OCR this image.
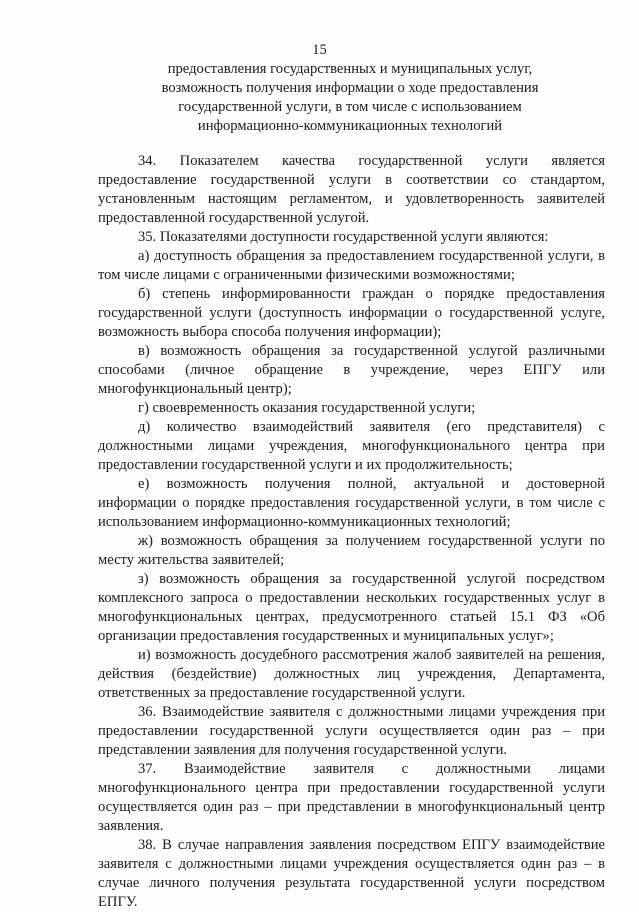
15
предоставления государственных и муниципальных услуг,
возможность получения информации о ходе предоставления
государственной услуги, в том числе с использованием
информационно-коммуникационных технологий

34. Показателем качества государственной услуги является предоставление государственной услуги в соответствии со стандартом, установленным настоящим регламентом, и удовлетворенность заявителей предоставленной государственной услугой.

35. Показателями доступности государственной услуги являются:

а) доступность обращения за предоставлением государственной услуги, в том числе лицами с ограниченными физическими возможностями;

б) степень информированности граждан о порядке предоставления государственной услуги (доступность информации о государственной услуге, возможность выбора способа получения информации);

в) возможность обращения за государственной услугой различными способами (личное обращение в учреждение, через ЕПГУ или многофункциональный центр);

г) своевременность оказания государственной услуги;

д) количество взаимодействий заявителя (его представителя) с должностными лицами учреждения, многофункционального центра при предоставлении государственной услуги и их продолжительность;

е) возможность получения полной, актуальной и достоверной информации о порядке предоставления государственной услуги, в том числе с использованием информационно-коммуникационных технологий;

ж) возможность обращения за получением государственной услуги по месту жительства заявителей;

з) возможность обращения за государственной услугой посредством комплексного запроса о предоставлении нескольких государственных услуг в многофункциональных центрах, предусмотренного статьей 15.1 ФЗ «Об организации предоставления государственных и муниципальных услуг»;

и) возможность досудебного рассмотрения жалоб заявителей на решения, действия (бездействие) должностных лиц учреждения, Департамента, ответственных за предоставление государственной услуги.

36. Взаимодействие заявителя с должностными лицами учреждения при предоставлении государственной услуги осуществляется один раз – при представлении заявления для получения государственной услуги.

37. Взаимодействие заявителя с должностными лицами многофункционального центра при предоставлении государственной услуги осуществляется один раз – при представлении в многофункциональный центр заявления.

38. В случае направления заявления посредством ЕПГУ взаимодействие заявителя с должностными лицами учреждения осуществляется один раз – в случае личного получения результата государственной услуги посредством ЕПГУ.
